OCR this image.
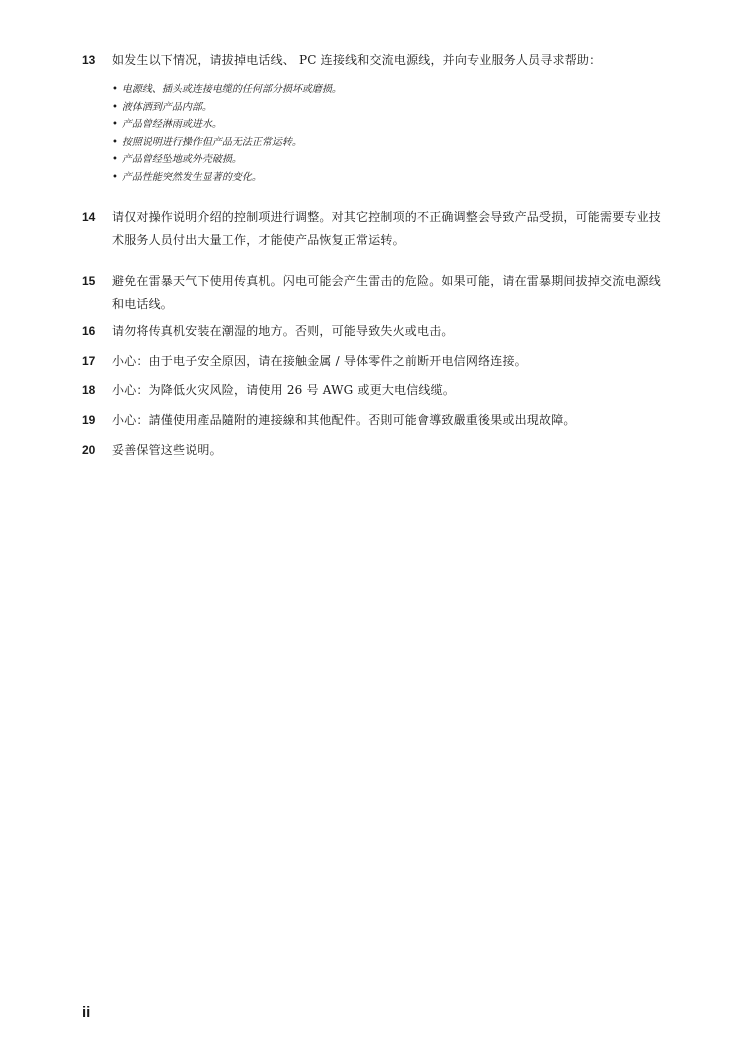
13	如发生以下情况，请拔掉电话线、 PC 连接线和交流电源线，并向专业服务人员寻求帮助：
• 电源线、插头或连接电缆的任何部分损坏或磨损。
• 液体洒到产品内部。
• 产品曾经淋雨或进水。
• 按照说明进行操作但产品无法正常运转。
• 产品曾经坠地或外壳破损。
• 产品性能突然发生显著的变化。
14	请仅对操作说明介绍的控制项进行调整。对其它控制项的不正确调整会导致产品受损，可能需要专业技术服务人员付出大量工作，才能使产品恢复正常运转。
15	避免在雷暴天气下使用传真机。闪电可能会产生雷击的危险。如果可能，请在雷暴期间拔掉交流电源线和电话线。
16	请勿将传真机安装在潮湿的地方。否则，可能导致失火或电击。
17	小心：由于电子安全原因，请在接触金属 / 导体零件之前断开电信网络连接。
18	小心：为降低火灾风险，请使用 26 号 AWG 或更大电信线缆。
19	小心：請僅使用產品隨附的連接線和其他配件。否則可能會導致嚴重後果或出現故障。
20	妥善保管这些说明。
ii
